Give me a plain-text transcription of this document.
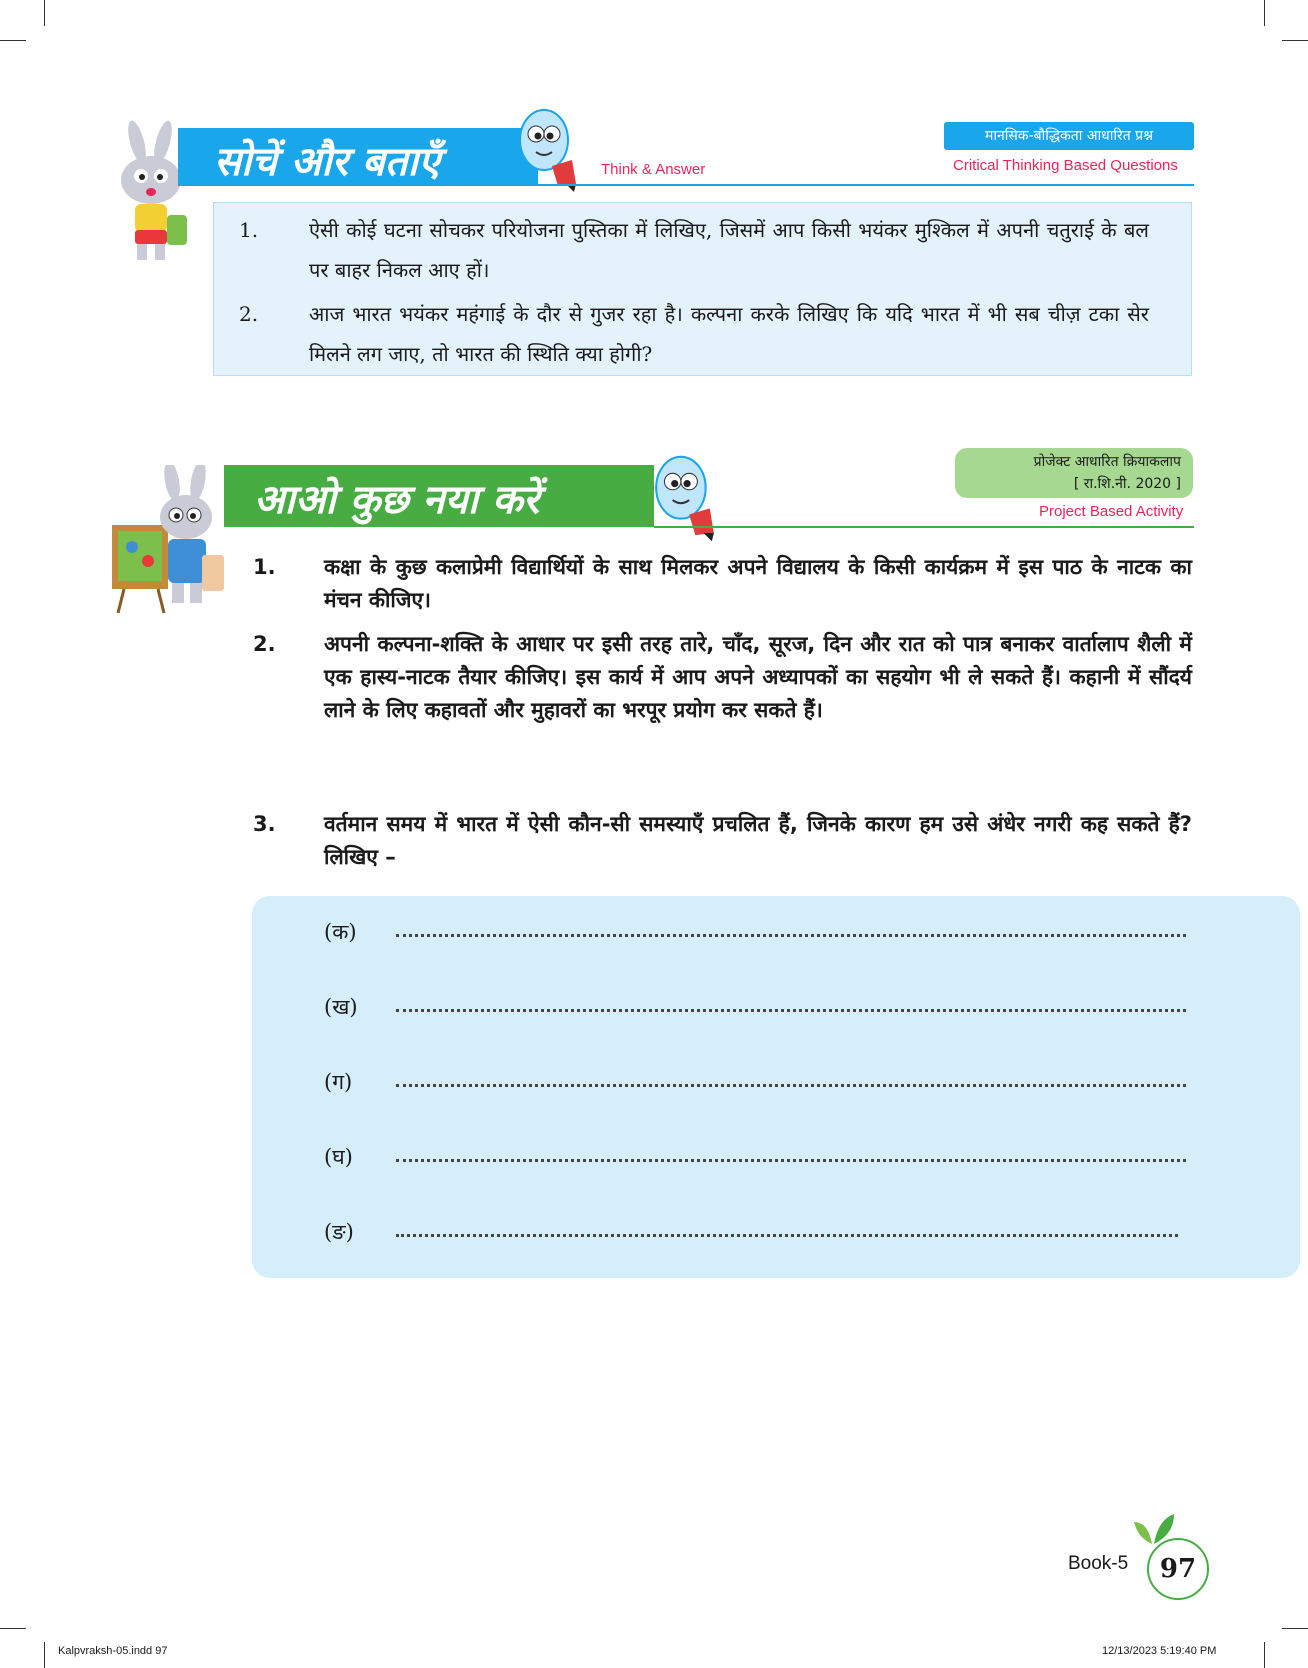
सोचें और बताएँ	Think & Answer
मानसिक-बौद्धिकता आधारित प्रश्न
Critical Thinking Based Questions
1.	ऐसी कोई घटना सोचकर परियोजना पुस्तिका में लिखिए, जिसमें आप किसी भयंकर मुश्किल में अपनी चतुराई के बल पर बाहर निकल आए हों।
2.	आज भारत भयंकर महंगाई के दौर से गुजर रहा है। कल्पना करके लिखिए कि यदि भारत में भी सब चीज़ टका सेर मिलने लग जाए, तो भारत की स्थिति क्या होगी?
आओ कुछ नया करें
प्रोजेक्ट आधारित क्रियाकलाप
[ रा.शि.नी. 2020 ]
Project Based Activity
1. कक्षा के कुछ कलाप्रेमी विद्यार्थियों के साथ मिलकर अपने विद्यालय के किसी कार्यक्रम में इस पाठ के नाटक का मंचन कीजिए।
2. अपनी कल्पना-शक्ति के आधार पर इसी तरह तारे, चाँद, सूरज, दिन और रात को पात्र बनाकर वार्तालाप शैली में एक हास्य-नाटक तैयार कीजिए। इस कार्य में आप अपने अध्यापकों का सहयोग भी ले सकते हैं। कहानी में सौंदर्य लाने के लिए कहावतों और मुहावरों का भरपूर प्रयोग कर सकते हैं।
3. वर्तमान समय में भारत में ऐसी कौन-सी समस्याएँ प्रचलित हैं, जिनके कारण हम उसे अंधेर नगरी कह सकते हैं? लिखिए –
(क)
(ख)
(ग)
(घ)
(ङ)
Book-5	97
Kalpvraksh-05.indd 97	12/13/2023 5:19:40 PM
